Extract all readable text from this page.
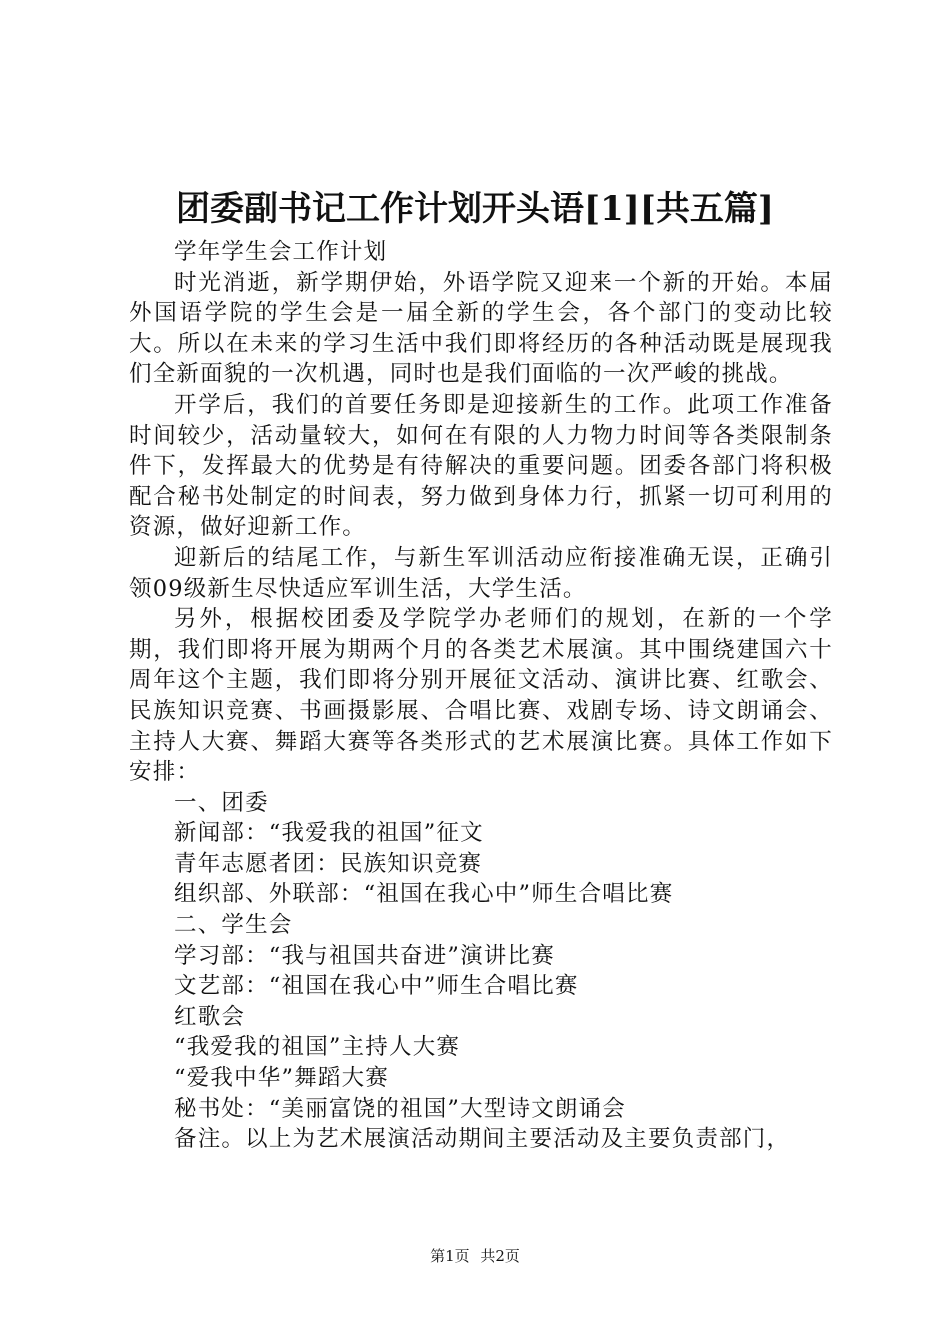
团委副书记工作计划开头语[1][共五篇]

学年学生会工作计划

时光消逝，新学期伊始，外语学院又迎来一个新的开始。本届外国语学院的学生会是一届全新的学生会，各个部门的变动比较大。所以在未来的学习生活中我们即将经历的各种活动既是展现我们全新面貌的一次机遇，同时也是我们面临的一次严峻的挑战。

开学后，我们的首要任务即是迎接新生的工作。此项工作准备时间较少，活动量较大，如何在有限的人力物力时间等各类限制条件下，发挥最大的优势是有待解决的重要问题。团委各部门将积极配合秘书处制定的时间表，努力做到身体力行，抓紧一切可利用的资源，做好迎新工作。

迎新后的结尾工作，与新生军训活动应衔接准确无误，正确引领09级新生尽快适应军训生活，大学生活。

另外，根据校团委及学院学办老师们的规划，在新的一个学期，我们即将开展为期两个月的各类艺术展演。其中围绕建国六十周年这个主题，我们即将分别开展征文活动、演讲比赛、红歌会、民族知识竞赛、书画摄影展、合唱比赛、戏剧专场、诗文朗诵会、主持人大赛、舞蹈大赛等各类形式的艺术展演比赛。具体工作如下安排：

一、团委

新闻部：“我爱我的祖国”征文

青年志愿者团：民族知识竞赛

组织部、外联部：“祖国在我心中”师生合唱比赛

二、学生会

学习部：“我与祖国共奋进”演讲比赛

文艺部：“祖国在我心中”师生合唱比赛

红歌会

“我爱我的祖国”主持人大赛

“爱我中华”舞蹈大赛

秘书处：“美丽富饶的祖国”大型诗文朗诵会

备注。以上为艺术展演活动期间主要活动及主要负责部门，

第1页 共2页
